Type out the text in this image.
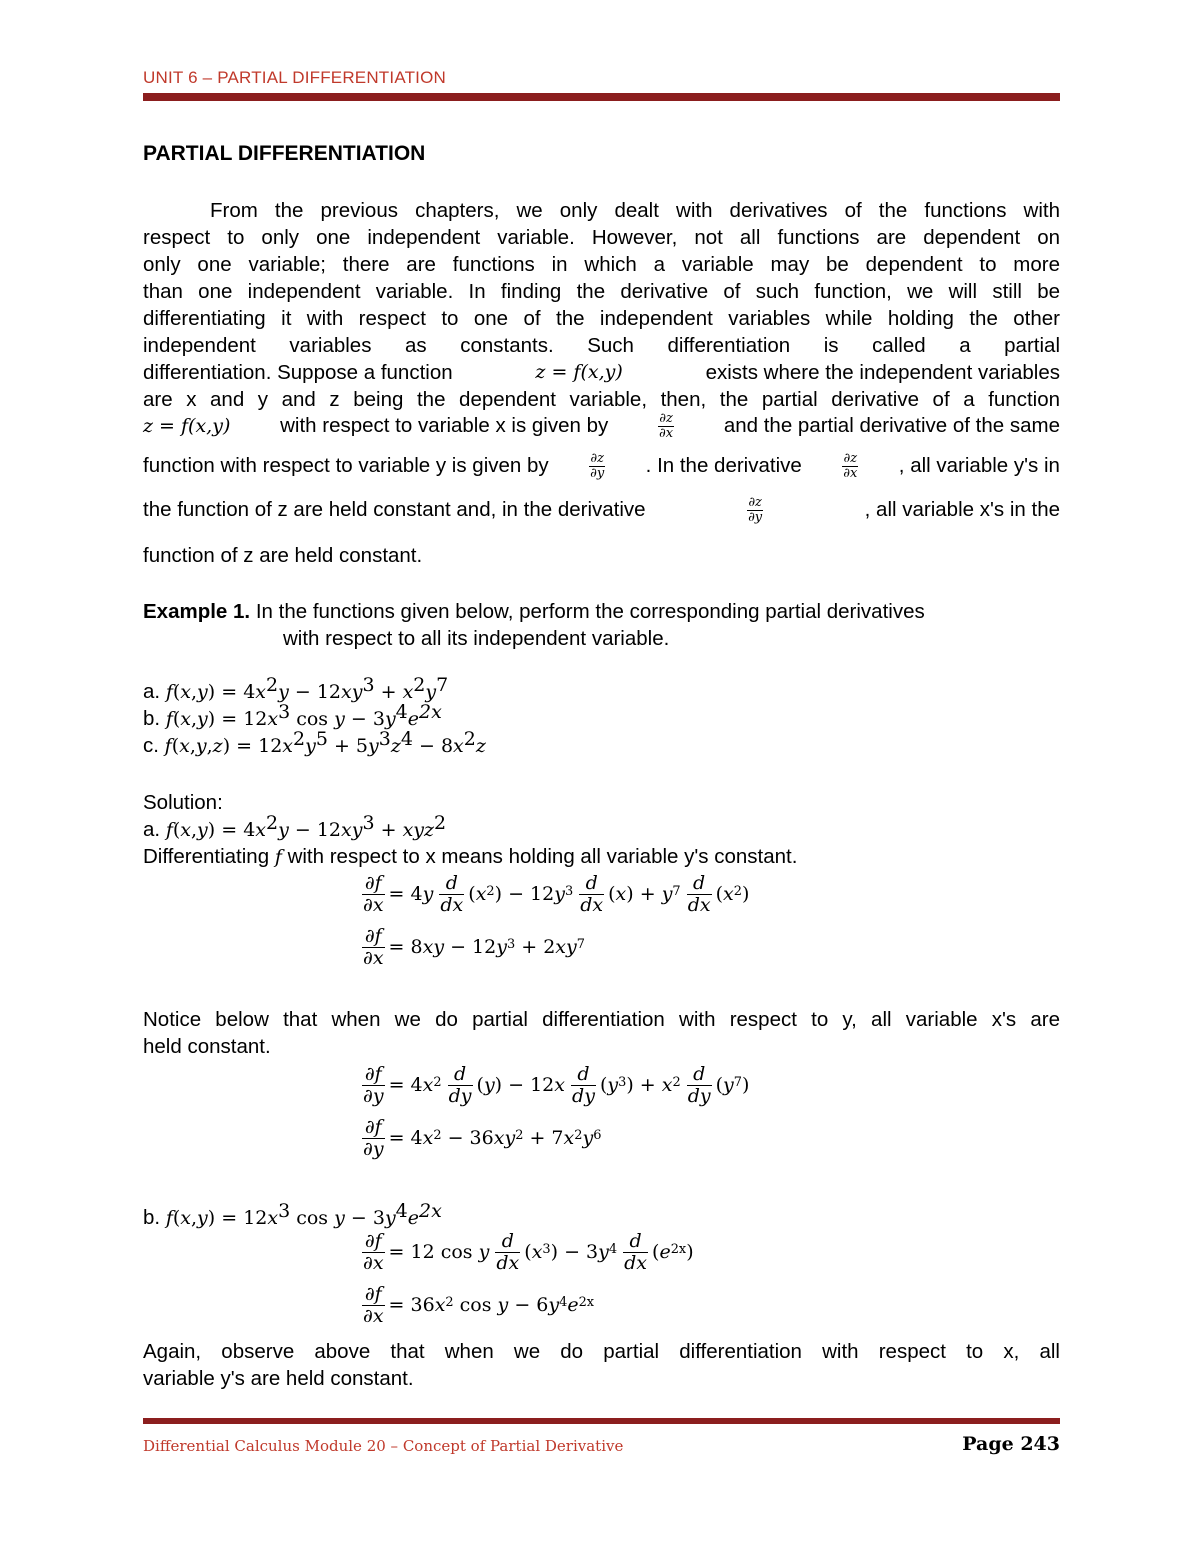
UNIT 6 – PARTIAL DIFFERENTIATION
PARTIAL DIFFERENTIATION
From the previous chapters, we only dealt with derivatives of the functions with
respect to only one independent variable. However, not all functions are dependent on
only one variable; there are functions in which a variable may be dependent to more
than one independent variable. In finding the derivative of such function, we will still be
differentiating it with respect to one of the independent variables while holding the other
independent variables as constants. Such differentiation is called a partial
differentiation. Suppose a function	z = f(x,y)	exists where the independent variables
are x and y and z being the dependent variable, then, the partial derivative of a function
z = f(x,y) with respect to variable x is given by	$\frac{\partial z}{\partial x}$ and the partial derivative of the same
function with respect to variable y is given by	$\frac{\partial z}{\partial y}$ . In the derivative	$\frac{\partial z}{\partial x}$ , all variable y's in
the function of z are held constant and, in the derivative	$\frac{\partial z}{\partial y}$	, all variable x's in the
function of z are held constant.
Example 1. In the functions given below, perform the corresponding partial derivatives
with respect to all its independent variable.
a. $f(x,y) = 4x^2y - 12xy^3 + x^2y^7$
b. $f(x,y) = 12x^3$ $\cos y - 3y^4e^{2x}$
c. $f(x,y,z) = 12x^2y^5 + 5y^3z^4 - 8x^2z$
Solution:
a. $f(x,y) = 4x^2y - 12xy^3 + xyz^2$
Differentiating f with respect to x means holding all variable y's constant.
$\frac{\partial f}{\partial x} = 4y \frac{d}{dx} (x^2) - 12y^3 \frac{d}{dx} (x) + y^7 \frac{d}{dx} (x^2)$
$\frac{\partial f}{\partial x} = 8xy - 12y^3 + 2xy^7$
Notice below that when we do partial differentiation with respect to y, all variable x's are
held constant.
$\frac{\partial f}{\partial y} = 4x^2 \frac{d}{dy} (y) - 12x \frac{d}{dy} (y^3) + x^2 \frac{d}{dy} (y^7)$
$\frac{\partial f}{\partial y} = 4x^2 - 36xy^2 + 7x^2y^6$
b. $f(x,y) = 12x^3$ $\cos y - 3y^4e^{2x}$
$\frac{\partial f}{\partial x} = 12$ cos y $\frac{d}{dx} (x^3) - 3y^4 \frac{d}{dx} (e^{2x})$
$\frac{\partial f}{\partial x} = 36x^2$ $\cos y - 6y^4e^{2x}$
Again, observe above that when we do partial differentiation with respect to x, all
variable y's are held constant.
Differential Calculus Module 20 – Concept of Partial Derivative	Page 243
